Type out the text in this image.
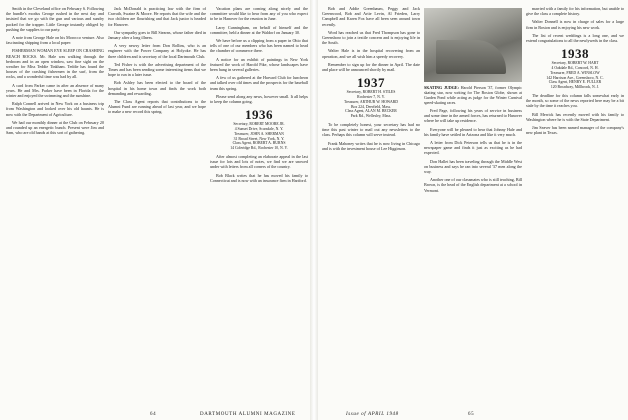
Smith in the Cleveland office on February 6. Following the bundle's exodus George rushed in the next day and insisted that we go with the gun and various and sundry packed for the trapper. Little George instantly obliged by pushing the supplies to our party.

A note from George Hale on his Morocco venture. Also fascinating shipping from a local paper:

FISHERMAN WOMAN EYE SLEEP ON CRASHING BEACH ROCKS. Mr. Hale was walking through the bedroom and in an open window, saw fine sight on the weather for Miss Teddie Tinkham. Teddie has found the houses of the crashing fishermen in the surf, from the rocks, and a wonderful time was had by all.

A card from Parker came in after an absence of many years. He and Mrs. Parker have been in Florida for the winter and enjoyed the swimming and the sunshine.

Ralph Connell arrived in New York on a business trip from Washington and looked over his old haunts. He is now with the Department of Agriculture.

We had our monthly dinner at the Club on February 20 and rounded up an energetic bunch. Present were Jim and Sam, who are old hands at this sort of gathering.

Jack McDonald is practicing law with the firm of Cravath, Swaine & Moore. He reports that the wife and the two children are flourishing and that Jack junior is headed for Hanover.

Our sympathy goes to Bill Stearns, whose father died in January after a long illness.

A very newsy letter from Don Rollins, who is an engineer with the Power Company at Holyoke. He has three children and is secretary of the local Dartmouth Club.

Ted Fisher is with the advertising department of the Times and has been sending some interesting items that we hope to run in a later issue.

Bob Ashley has been elected to the board of the hospital in his home town and finds the work both demanding and rewarding.

The Class Agent reports that contributions to the Alumni Fund are running ahead of last year, and we hope to make a new record this spring.

Vacation plans are coming along nicely and the committee would like to hear from any of you who expect to be in Hanover for the reunion in June.

Larry Cunningham, on behalf of himself and the committee, held a dinner at the Waldorf on January 30.

We have before us a clipping from a paper in Ohio that tells of one of our members who has been named to head the chamber of commerce there.

A notice for an exhibit of paintings in New York featured the work of Harold Pike, whose landscapes have been hung in several galleries.

A few of us gathered at the Harvard Club for luncheon and talked over old times and the prospects for the baseball team this spring.

Please send along any news, however small. It all helps to keep the column going.

1936
Secretary, ROBERT MOORE JR.
4 Sunset Drive, Scarsdale, N. Y.
Treasurer, JOHN A. SHERMAN
31 Broad Street, New York, N. Y.
Class Agent, ROBERT A. BURNS
14 Coleridge Rd., Rochester 10, N. Y.

After almost completing an elaborate appeal in the last issue for lots and lots of notes, we find we are snowed under with letters from all corners of the country.

Bob Black writes that he has moved his family to Connecticut and is now with an insurance firm in Hartford.

64	DARTMOUTH ALUMNI MAGAZINE

Bob and Addie Greenbaum, Peggy and Jack Greenwood, Bob and Artie Levin, Al Frieden, Larry Campbell and Karen Fox have all been seen around town recently.

Word has reached us that Fred Thompson has gone to Greensboro to join a textile concern and is enjoying life in the South.

Walter Hale is in the hospital recovering from an operation, and we all wish him a speedy recovery.

Remember to sign up for the dinner in April. The date and place will be announced shortly by mail.

1937
Secretary, ROBERT H. STILES
Rochester 7, N. Y.
Treasurer, ARTHUR W. HOWARD
Box 224, Deerfield, Mass.
Class Agent, ALAN M. BECKER
Park Rd., Wellesley, Mass.

To be completely honest, your secretary has had no time this past winter to mail out any newsletters to the class. Perhaps this column will serve instead.

Frank Mahoney writes that he is now living in Chicago and is with the investment house of Lee Higginson.

SKATING JUDGE: Harold Pierson '37, former Olympic skating star, now writing for The Boston Globe, shown at Garden Pond while acting as judge for the Winter Carnival speed-skating races.

Fred Page, following his years of service in business and some time in the armed forces, has returned to Hanover where he will take up residence.

Everyone will be pleased to hear that Johnny Hale and his family have settled in Arizona and like it very much.

A letter from Dick Peterson tells us that he is in the newspaper game and finds it just as exciting as he had expected.

Don Hallet has been traveling through the Middle West on business and says he ran into several '37 men along the way.

Another one of our classmates who is still teaching, Bill Brown, is the head of the English department at a school in Vermont.

married with a family for his information, but unable to give the class a complete history.

Walter Donnell is now in charge of sales for a large firm in Boston and is enjoying his new work.

The list of recent weddings is a long one, and we extend congratulations to all the newlyweds in the class.

1938
Secretary, ROBERT W. HART
4 Oakdale Rd., Concord, N. H.
Treasurer, FRED A. WINSLOW
142 Harrison Ave., Greensboro, N. C.
Class Agent, HENRY E. FULLER
120 Broadway, Millbrook, N. J.

The deadline for this column falls somewhat early in the month, so some of the news reported here may be a bit stale by the time it reaches you.

Bill Merrick has recently moved with his family to Washington where he is with the State Department.

Jim Seaver has been named manager of the company's new plant in Texas.

Issue of APRIL 1948	65
